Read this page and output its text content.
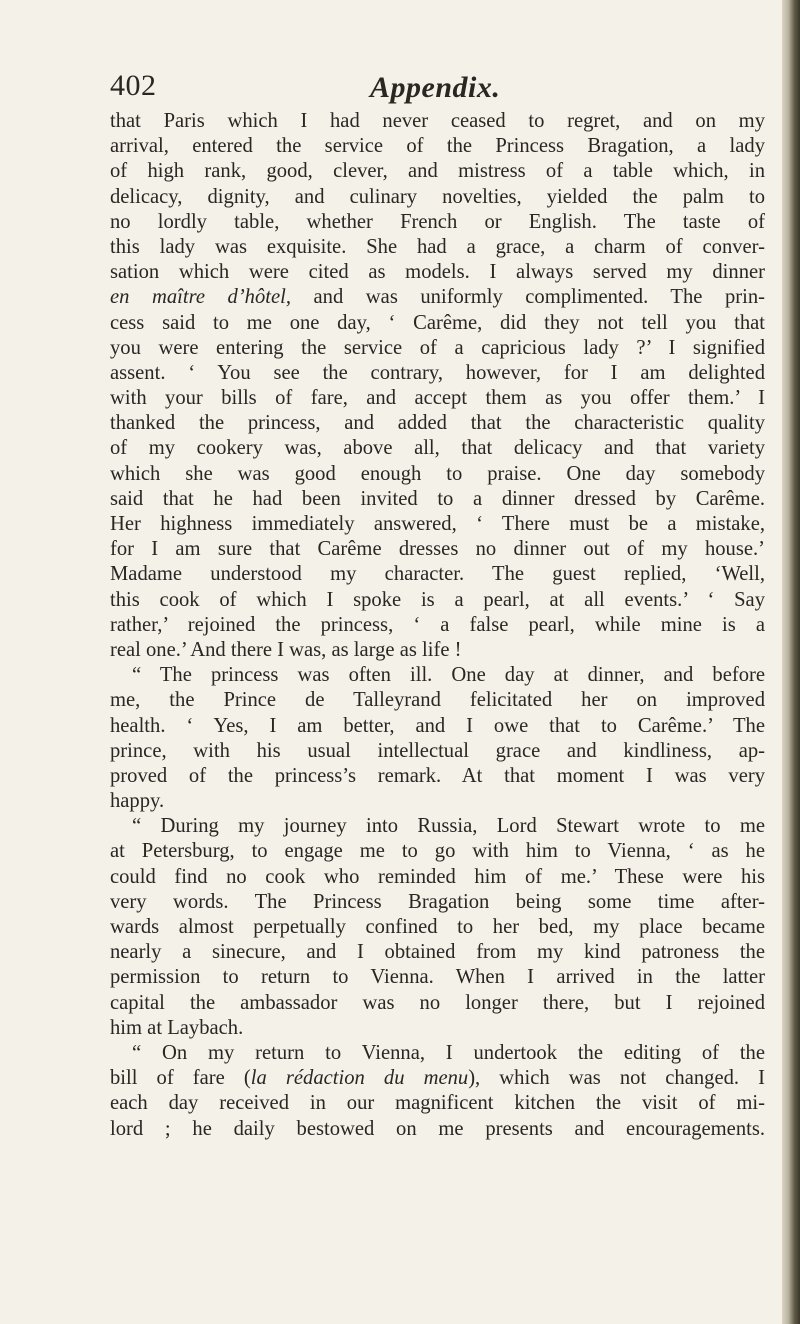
402	Appendix.
that Paris which I had never ceased to regret, and on my
arrival, entered the service of the Princess Bragation, a lady
of high rank, good, clever, and mistress of a table which, in
delicacy, dignity, and culinary novelties, yielded the palm to
no lordly table, whether French or English. The taste of
this lady was exquisite. She had a grace, a charm of conver-
sation which were cited as models. I always served my dinner
en maître d’hôtel, and was uniformly complimented. The prin-
cess said to me one day, ‘ Carême, did they not tell you that
you were entering the service of a capricious lady ?’ I signified
assent. ‘ You see the contrary, however, for I am delighted
with your bills of fare, and accept them as you offer them.’ I
thanked the princess, and added that the characteristic quality
of my cookery was, above all, that delicacy and that variety
which she was good enough to praise. One day somebody
said that he had been invited to a dinner dressed by Carême.
Her highness immediately answered, ‘ There must be a mistake,
for I am sure that Carême dresses no dinner out of my house.’
Madame understood my character. The guest replied, ‘Well,
this cook of which I spoke is a pearl, at all events.’ ‘ Say
rather,’ rejoined the princess, ‘ a false pearl, while mine is a
real one.’ And there I was, as large as life !
“ The princess was often ill. One day at dinner, and before
me, the Prince de Talleyrand felicitated her on improved
health. ‘ Yes, I am better, and I owe that to Carême.’ The
prince, with his usual intellectual grace and kindliness, ap-
proved of the princess’s remark. At that moment I was very
happy.
“ During my journey into Russia, Lord Stewart wrote to me
at Petersburg, to engage me to go with him to Vienna, ‘ as he
could find no cook who reminded him of me.’ These were his
very words. The Princess Bragation being some time after-
wards almost perpetually confined to her bed, my place became
nearly a sinecure, and I obtained from my kind patroness the
permission to return to Vienna. When I arrived in the latter
capital the ambassador was no longer there, but I rejoined
him at Laybach.
“ On my return to Vienna, I undertook the editing of the
bill of fare (la rédaction du menu), which was not changed. I
each day received in our magnificent kitchen the visit of mi-
lord ; he daily bestowed on me presents and encouragements.
